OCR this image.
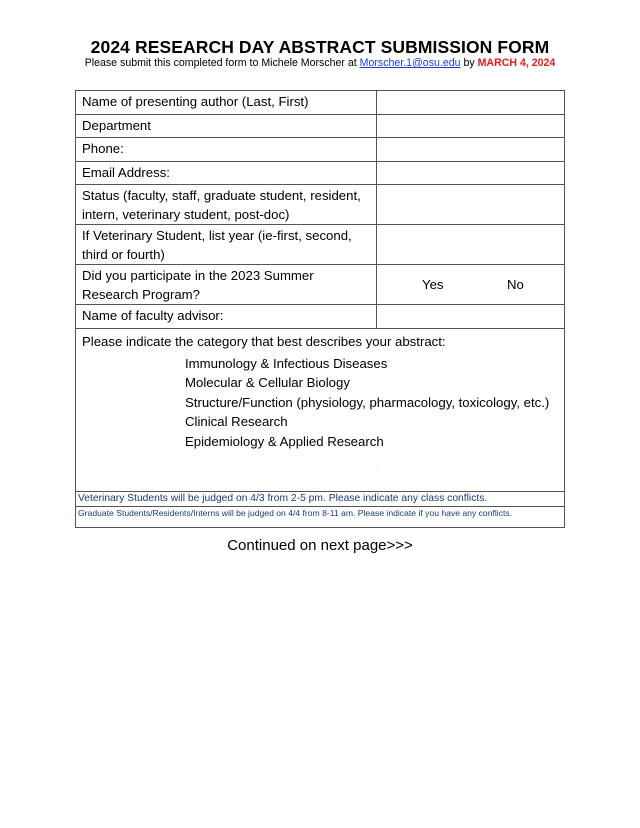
2024 RESEARCH DAY ABSTRACT SUBMISSION FORM
Please submit this completed form to Michele Morscher at Morscher.1@osu.edu by MARCH 4, 2024
Name of presenting author (Last, First)
Department
Phone:
Email Address:
Status (faculty, staff, graduate student, resident, intern, veterinary student, post-doc)
If Veterinary Student, list year (ie-first, second, third or fourth)
Did you participate in the 2023 Summer Research Program?
Yes	No
Name of faculty advisor:
Please indicate the category that best describes your abstract:
Immunology & Infectious Diseases
Molecular & Cellular Biology
Structure/Function (physiology, pharmacology, toxicology, etc.)
Clinical Research
Epidemiology & Applied Research
Veterinary Students will be judged on 4/3 from 2-5 pm. Please indicate any class conflicts.
Graduate Students/Residents/Interns will be judged on 4/4 from 8-11 am. Please indicate if you have any conflicts.
Continued on next page>>>
